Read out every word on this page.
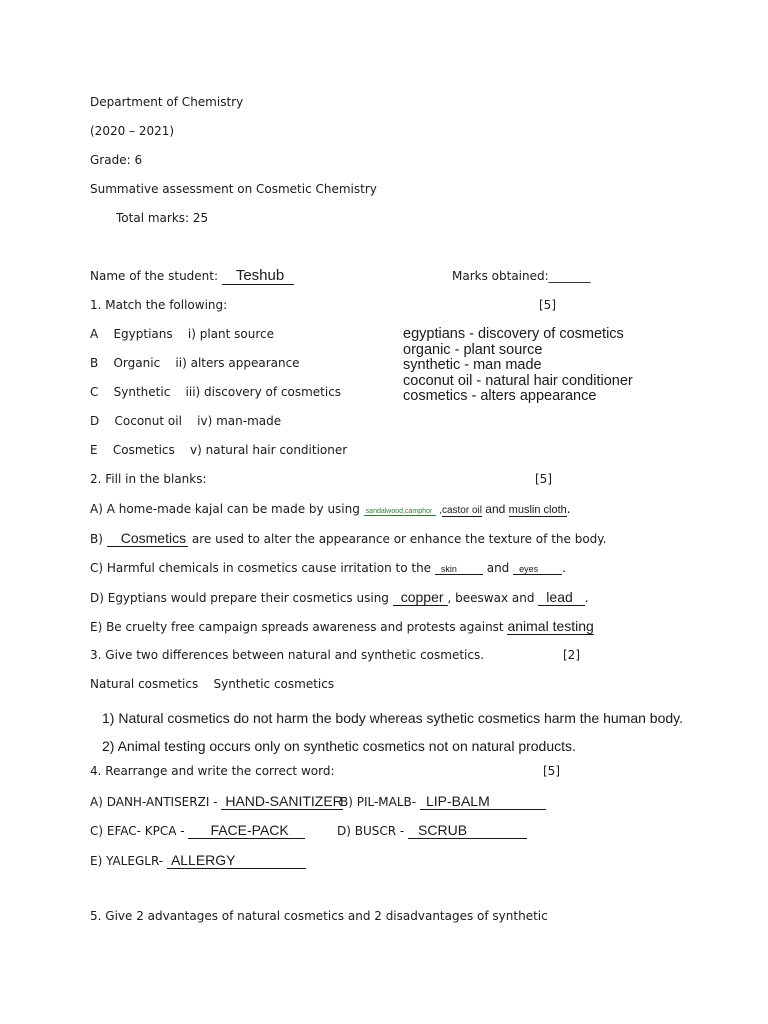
Department of Chemistry
(2020 – 2021)
Grade: 6
Summative assessment on Cosmetic Chemistry
Total marks: 25
Name of the student: Teshub	Marks obtained:_______
1. Match the following:	[5]
A    Egyptians    i) plant source
B    Organic    ii) alters appearance
C    Synthetic    iii) discovery of cosmetics
D    Coconut oil    iv) man-made
E    Cosmetics    v) natural hair conditioner
egyptians - discovery of cosmetics
organic - plant source
synthetic - man made
coconut oil - natural hair conditioner
cosmetics - alters appearance
2. Fill in the blanks:	[5]
A) A home-made kajal can be made by using sandalwood,camphor ,castor oil and muslin cloth.
B) Cosmetics are used to alter the appearance or enhance the texture of the body.
C) Harmful chemicals in cosmetics cause irritation to the skin and eyes .
D) Egyptians would prepare their cosmetics using copper , beeswax and lead .
E) Be cruelty free campaign spreads awareness and protests against animal testing
3. Give two differences between natural and synthetic cosmetics.	[2]
Natural cosmetics    Synthetic cosmetics
1) Natural cosmetics do not harm the body whereas sythetic cosmetics harm the human body.
2) Animal testing occurs only on synthetic cosmetics not on natural products.
4. Rearrange and write the correct word:	[5]
A) DANH-ANTISERZI - HAND-SANITIZER
B) PIL-MALB- LIP-BALM
C) EFAC- KPCA - FACE-PACK	D) BUSCR - SCRUB
E) YALEGLR- ALLERGY
5. Give 2 advantages of natural cosmetics and 2 disadvantages of synthetic
